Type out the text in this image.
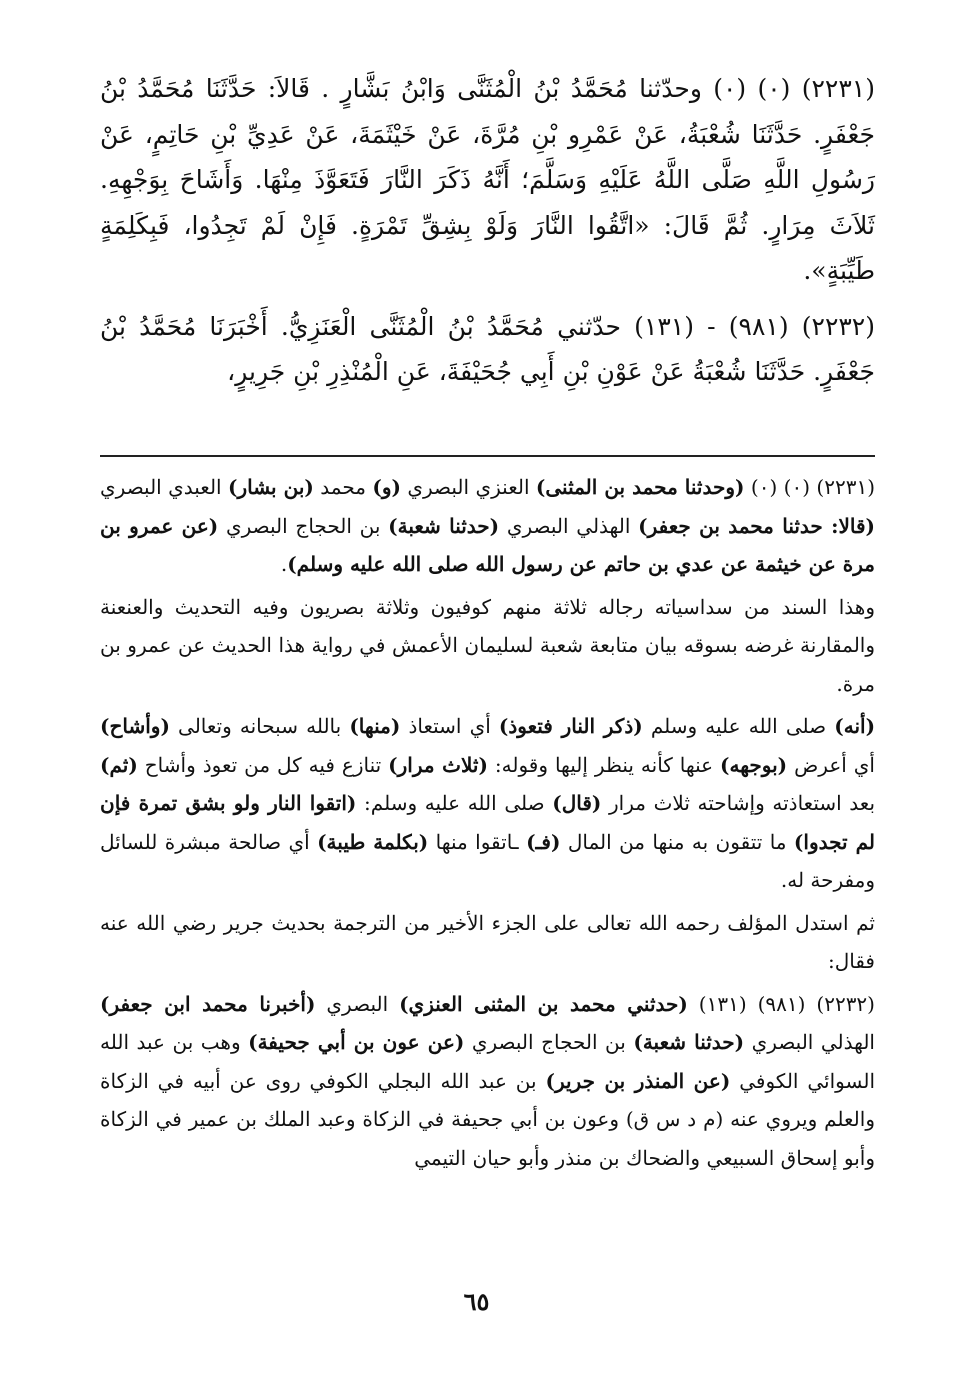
(٢٢٣١) (٠) (٠) وحدّثنا مُحَمَّدُ بْنُ الْمُثَنَّى وَابْنُ بَشَّارٍ . قَالاَ: حَدَّثَنَا مُحَمَّدُ بْنُ جَعْفَرٍ. حَدَّثَنَا شُعْبَةُ، عَنْ عَمْرِو بْنِ مُرَّةَ، عَنْ خَيْثَمَةَ، عَنْ عَدِيِّ بْنِ حَاتِمٍ، عَنْ رَسُولِ اللَّهِ صَلَّى اللَّهُ عَلَيْهِ وَسَلَّمَ؛ أَنَّهُ ذَكَرَ النَّارَ فَتَعَوَّذَ مِنْهَا. وَأَشَاحَ بِوَجْهِهِ. ثَلاَثَ مِرَارٍ. ثُمَّ قَالَ: «اتَّقُوا النَّارَ وَلَوْ بِشِقِّ تَمْرَةٍ. فَإِنْ لَمْ تَجِدُوا، فَبِكَلِمَةٍ طَيِّبَةٍ».

(٢٢٣٢) (٩٨١) - (١٣١) حدّثني مُحَمَّدُ بْنُ الْمُثَنَّى الْعَنَزِيُّ. أَخْبَرَنَا مُحَمَّدُ بْنُ جَعْفَرٍ. حَدَّثَنَا شُعْبَةُ عَنْ عَوْنِ بْنِ أَبِي جُحَيْفَةَ، عَنِ الْمُنْذِرِ بْنِ جَرِيرٍ،

(٢٢٣١) (٠) (٠) (وحدثنا محمد بن المثنى) العنزي البصري (و) محمد (بن بشار) العبدي البصري (قالا: حدثنا محمد بن جعفر) الهذلي البصري (حدثنا شعبة) بن الحجاج البصري (عن عمرو بن مرة عن خيثمة عن عدي بن حاتم عن رسول الله صلى الله عليه وسلم).

وهذا السند من سداسياته رجاله ثلاثة منهم كوفيون وثلاثة بصريون وفيه التحديث والعنعنة والمقارنة غرضه بسوقه بيان متابعة شعبة لسليمان الأعمش في رواية هذا الحديث عن عمرو بن مرة.

(أنه) صلى الله عليه وسلم (ذكر النار فتعوذ) أي استعاذ (منها) بالله سبحانه وتعالى (وأشاح) أي أعرض (بوجهه) عنها كأنه ينظر إليها وقوله: (ثلاث مرار) تنازع فيه كل من تعوذ وأشاح (ثم) بعد استعاذته وإشاحته ثلاث مرار (قال) صلى الله عليه وسلم: (اتقوا النار ولو بشق تمرة فإن لم تجدوا) ما تتقون به منها من المال (فـ) ـاتقوا منها (بكلمة طيبة) أي صالحة مبشرة للسائل ومفرحة له.

ثم استدل المؤلف رحمه الله تعالى على الجزء الأخير من الترجمة بحديث جرير رضي الله عنه فقال:

(٢٢٣٢) (٩٨١) (١٣١) (حدثني محمد بن المثنى العنزي) البصري (أخبرنا محمد ابن جعفر) الهذلي البصري (حدثنا شعبة) بن الحجاج البصري (عن عون بن أبي جحيفة) وهب بن عبد الله السوائي الكوفي (عن المنذر بن جرير) بن عبد الله البجلي الكوفي روى عن أبيه في الزكاة والعلم ويروي عنه (م د س ق) وعون بن أبي جحيفة في الزكاة وعبد الملك بن عمير في الزكاة وأبو إسحاق السبيعي والضحاك بن منذر وأبو حيان التيمي

٦٥
